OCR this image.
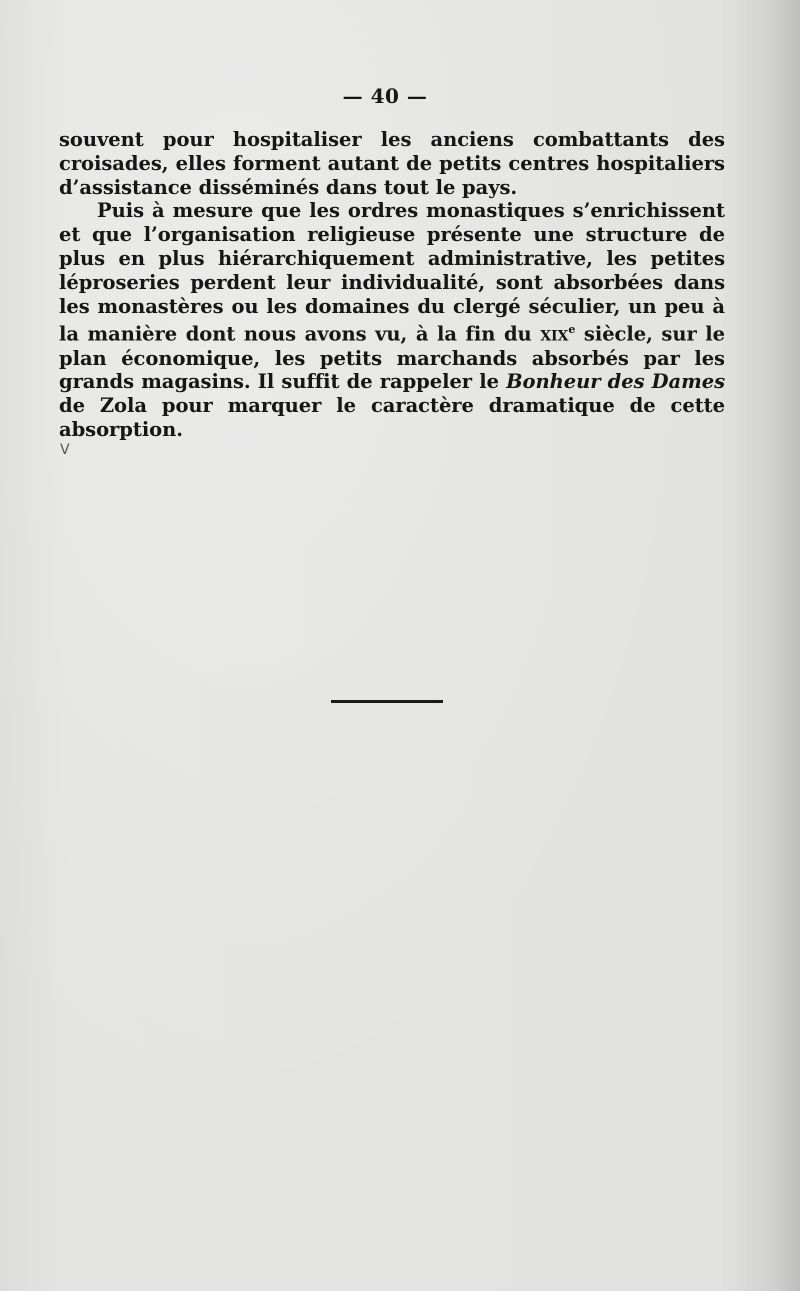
— 40 —

souvent pour hospitaliser les anciens combattants des croisades, elles forment autant de petits centres hospitaliers d’assistance disséminés dans tout le pays.

Puis à mesure que les ordres monastiques s’enrichissent et que l’organisation religieuse présente une structure de plus en plus hiérarchiquement administrative, les petites léproseries perdent leur individualité, sont absorbées dans les monastères ou les domaines du clergé séculier, un peu à la manière dont nous avons vu, à la fin du xix$^e$ siècle, sur le plan économique, les petits marchands absorbés par les grands magasins. Il suffit de rappeler le Bonheur des Dames de Zola pour marquer le caractère dramatique de cette absorption.

V
